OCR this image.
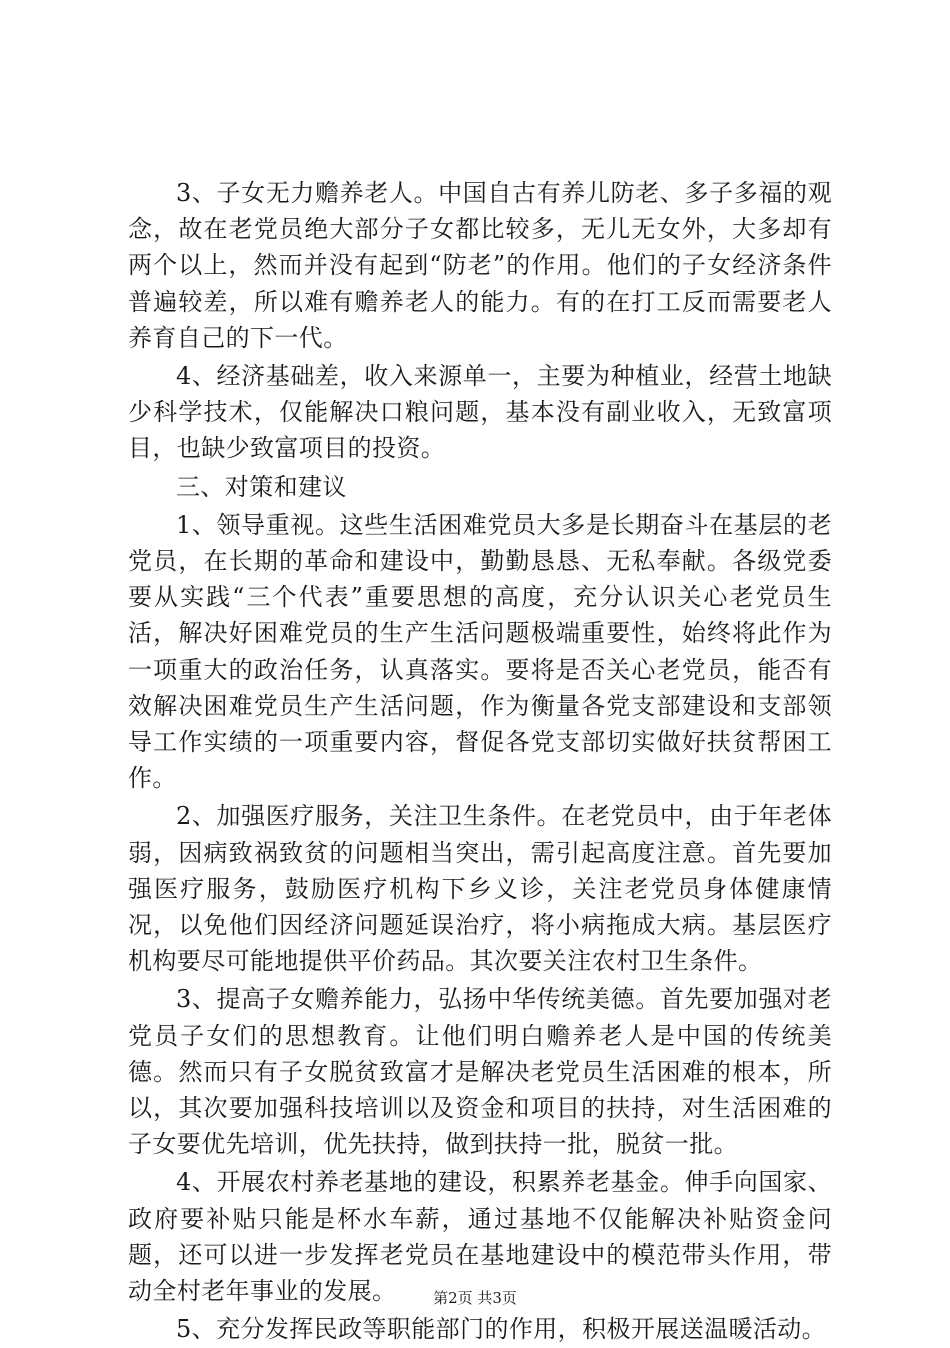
3、子女无力赡养老人。中国自古有养儿防老、多子多福的观念，故在老党员绝大部分子女都比较多，无儿无女外，大多却有两个以上，然而并没有起到“防老”的作用。他们的子女经济条件普遍较差，所以难有赡养老人的能力。有的在打工反而需要老人养育自己的下一代。

4、经济基础差，收入来源单一，主要为种植业，经营土地缺少科学技术，仅能解决口粮问题，基本没有副业收入，无致富项目，也缺少致富项目的投资。

三、对策和建议

1、领导重视。这些生活困难党员大多是长期奋斗在基层的老党员，在长期的革命和建设中，勤勤恳恳、无私奉献。各级党委要从实践“三个代表”重要思想的高度，充分认识关心老党员生活，解决好困难党员的生产生活问题极端重要性，始终将此作为一项重大的政治任务，认真落实。要将是否关心老党员，能否有效解决困难党员生产生活问题，作为衡量各党支部建设和支部领导工作实绩的一项重要内容，督促各党支部切实做好扶贫帮困工作。

2、加强医疗服务，关注卫生条件。在老党员中，由于年老体弱，因病致祸致贫的问题相当突出，需引起高度注意。首先要加强医疗服务，鼓励医疗机构下乡义诊，关注老党员身体健康情况，以免他们因经济问题延误治疗，将小病拖成大病。基层医疗机构要尽可能地提供平价药品。其次要关注农村卫生条件。

3、提高子女赡养能力，弘扬中华传统美德。首先要加强对老党员子女们的思想教育。让他们明白赡养老人是中国的传统美德。然而只有子女脱贫致富才是解决老党员生活困难的根本，所以，其次要加强科技培训以及资金和项目的扶持，对生活困难的子女要优先培训，优先扶持，做到扶持一批，脱贫一批。

4、开展农村养老基地的建设，积累养老基金。伸手向国家、政府要补贴只能是杯水车薪，通过基地不仅能解决补贴资金问题，还可以进一步发挥老党员在基地建设中的模范带头作用，带动全村老年事业的发展。

5、充分发挥民政等职能部门的作用，积极开展送温暖活动。

第2页 共3页
